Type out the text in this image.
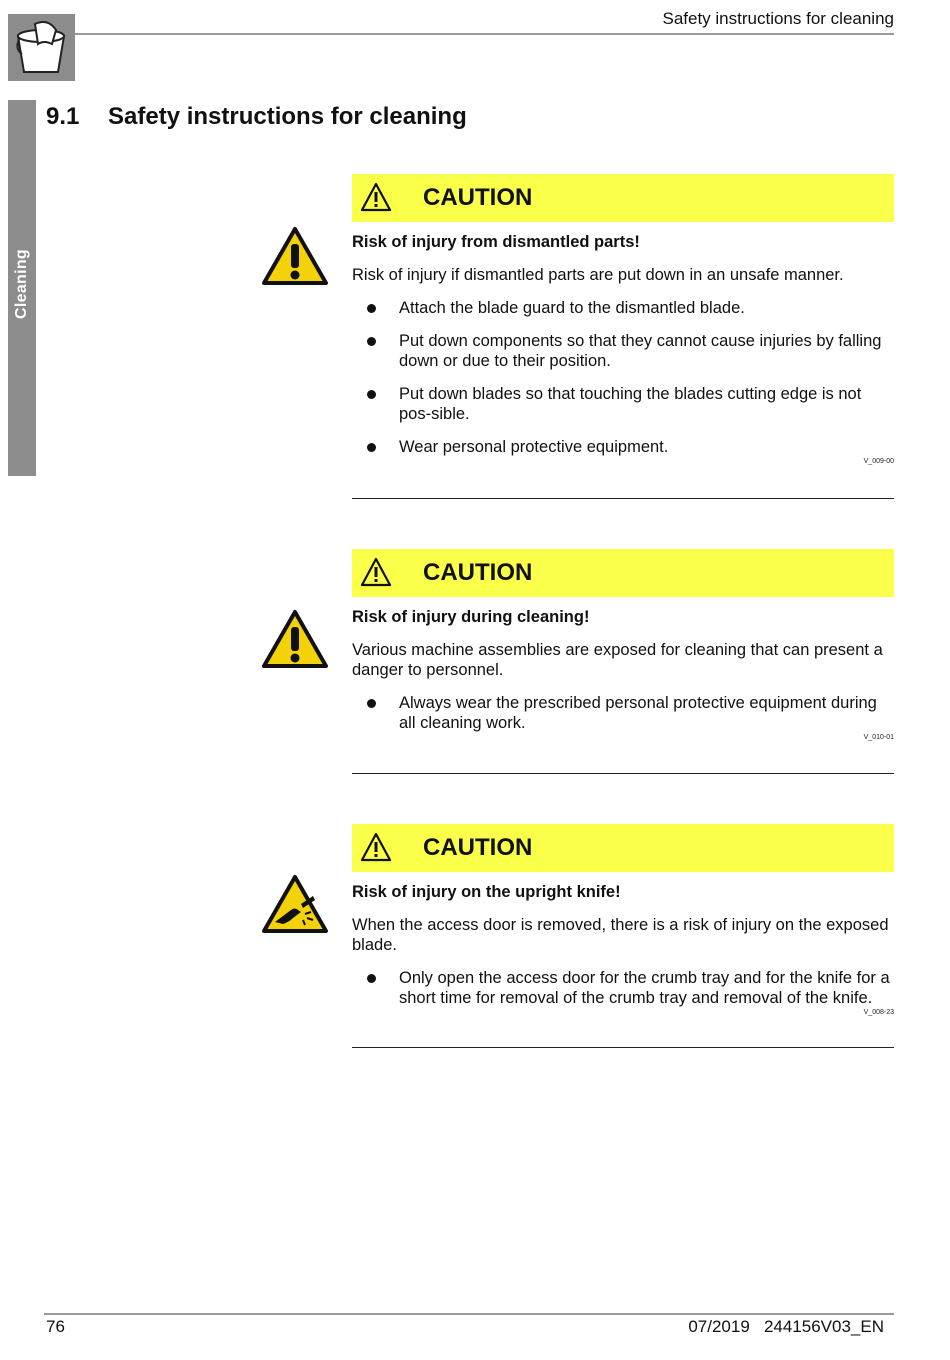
Safety instructions for cleaning
Cleaning
9.1 Safety instructions for cleaning
CAUTION
Risk of injury from dismantled parts!
Risk of injury if dismantled parts are put down in an unsafe manner.
Attach the blade guard to the dismantled blade.
Put down components so that they cannot cause injuries by falling down or due to their position.
Put down blades so that touching the blades cutting edge is not pos-sible.
Wear personal protective equipment.
V_009-00
CAUTION
Risk of injury during cleaning!
Various machine assemblies are exposed for cleaning that can present a danger to personnel.
Always wear the prescribed personal protective equipment during all cleaning work.
V_010-01
CAUTION
Risk of injury on the upright knife!
When the access door is removed, there is a risk of injury on the exposed blade.
Only open the access door for the crumb tray and for the knife for a short time for removal of the crumb tray and removal of the knife.
V_008-23
76	07/2019   244156V03_EN
